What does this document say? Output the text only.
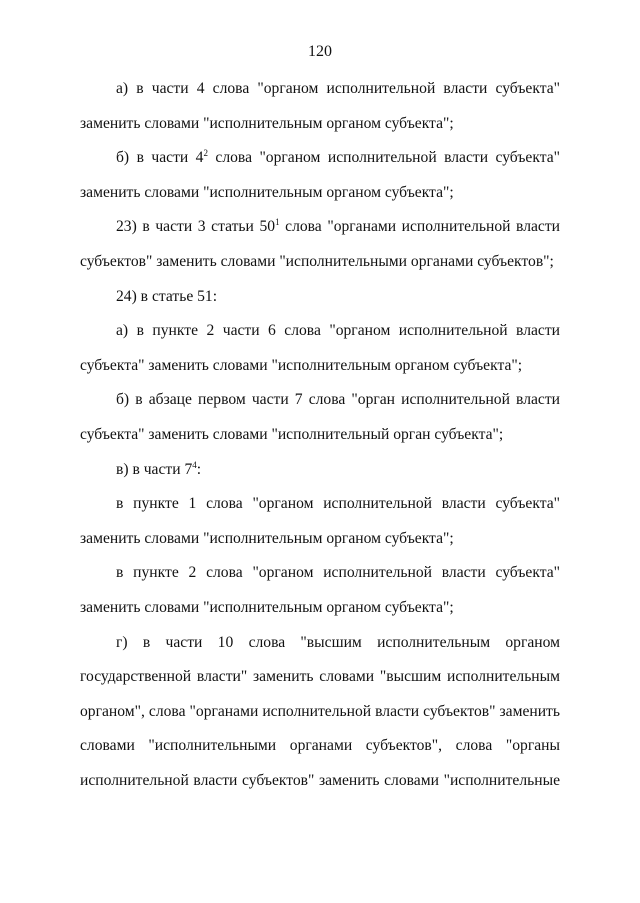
120
а) в части 4 слова "органом исполнительной власти субъекта"
заменить словами "исполнительным органом субъекта";
б) в части $4^2$ слова "органом исполнительной власти субъекта"
заменить словами "исполнительным органом субъекта";
23) в части 3 статьи $50^1$ слова "органами исполнительной власти
субъектов" заменить словами "исполнительными органами субъектов";
24) в статье 51:
а) в пункте 2 части 6 слова "органом исполнительной власти
субъекта" заменить словами "исполнительным органом субъекта";
б) в абзаце первом части 7 слова "орган исполнительной власти
субъекта" заменить словами "исполнительный орган субъекта";
в) в части $7^4$:
в пункте 1 слова "органом исполнительной власти субъекта"
заменить словами "исполнительным органом субъекта";
в пункте 2 слова "органом исполнительной власти субъекта"
заменить словами "исполнительным органом субъекта";
г) в части 10 слова "высшим исполнительным органом
государственной власти" заменить словами "высшим исполнительным
органом", слова "органами исполнительной власти субъектов" заменить
словами "исполнительными органами субъектов", слова "органы
исполнительной власти субъектов" заменить словами "исполнительные
